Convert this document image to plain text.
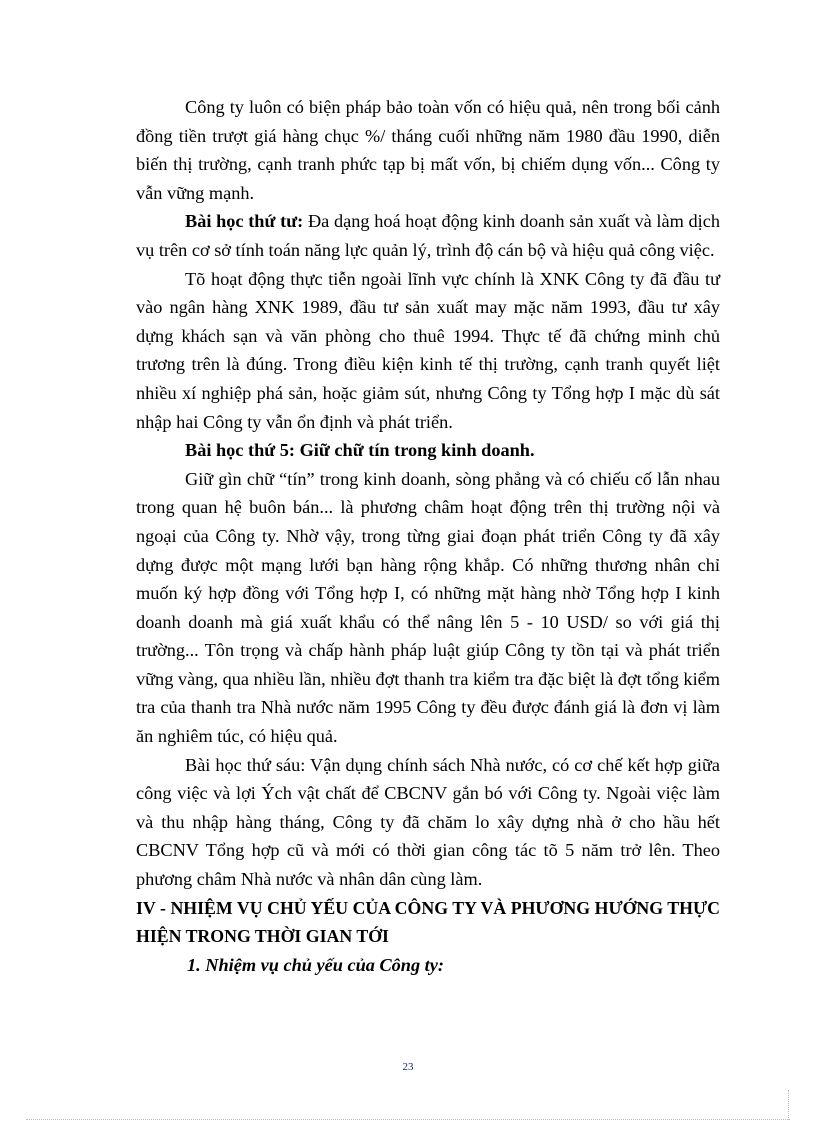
Công ty luôn có biện pháp bảo toàn vốn có hiệu quả, nên trong bối cảnh đồng tiền trượt giá hàng chục %/ tháng cuối những năm 1980 đầu 1990, diễn biến thị trường, cạnh tranh phức tạp bị mất vốn, bị chiếm dụng vốn... Công ty vẫn vững mạnh.

Bài học thứ tư: Đa dạng hoá hoạt động kinh doanh sản xuất và làm dịch vụ trên cơ sở tính toán năng lực quản lý, trình độ cán bộ và hiệu quả công việc.

Tõ hoạt động thực tiễn ngoài lĩnh vực chính là XNK Công ty đã đầu tư vào ngân hàng XNK 1989, đầu tư sản xuất may mặc năm 1993, đầu tư xây dựng khách sạn và văn phòng cho thuê 1994. Thực tế đã chứng minh chủ trương trên là đúng. Trong điều kiện kinh tế thị trường, cạnh tranh quyết liệt nhiều xí nghiệp phá sản, hoặc giảm sút, nhưng Công ty Tổng hợp I mặc dù sát nhập hai Công ty vẫn ổn định và phát triển.

Bài học thứ 5: Giữ chữ tín trong kinh doanh.

Giữ gìn chữ “tín” trong kinh doanh, sòng phẳng và có chiếu cố lẫn nhau trong quan hệ buôn bán... là phương châm hoạt động trên thị trường nội và ngoại của Công ty. Nhờ vậy, trong từng giai đoạn phát triển Công ty đã xây dựng được một mạng lưới bạn hàng rộng khắp. Có những thương nhân chỉ muốn ký hợp đồng với Tổng hợp I, có những mặt hàng nhờ Tổng hợp I kinh doanh doanh mà giá xuất khẩu có thể nâng lên 5 - 10 USD/ so với giá thị trường... Tôn trọng và chấp hành pháp luật giúp Công ty tồn tại và phát triển vững vàng, qua nhiều lần, nhiều đợt thanh tra kiểm tra đặc biệt là đợt tổng kiểm tra của thanh tra Nhà nước năm 1995 Công ty đều được đánh giá là đơn vị làm ăn nghiêm túc, có hiệu quả.

Bài học thứ sáu: Vận dụng chính sách Nhà nước, có cơ chế kết hợp giữa công việc và lợi Ých vật chất để CBCNV gắn bó với Công ty. Ngoài việc làm và thu nhập hàng tháng, Công ty đã chăm lo xây dựng nhà ở cho hầu hết CBCNV Tổng hợp cũ và mới có thời gian công tác tõ 5 năm trở lên. Theo phương châm Nhà nước và nhân dân cùng làm.

IV - NHIỆM VỤ CHỦ YẾU CỦA CÔNG TY VÀ PHƯƠNG HƯỚNG THỰC HIỆN TRONG THỜI GIAN TỚI

1. Nhiệm vụ chủ yếu của Công ty:

23
